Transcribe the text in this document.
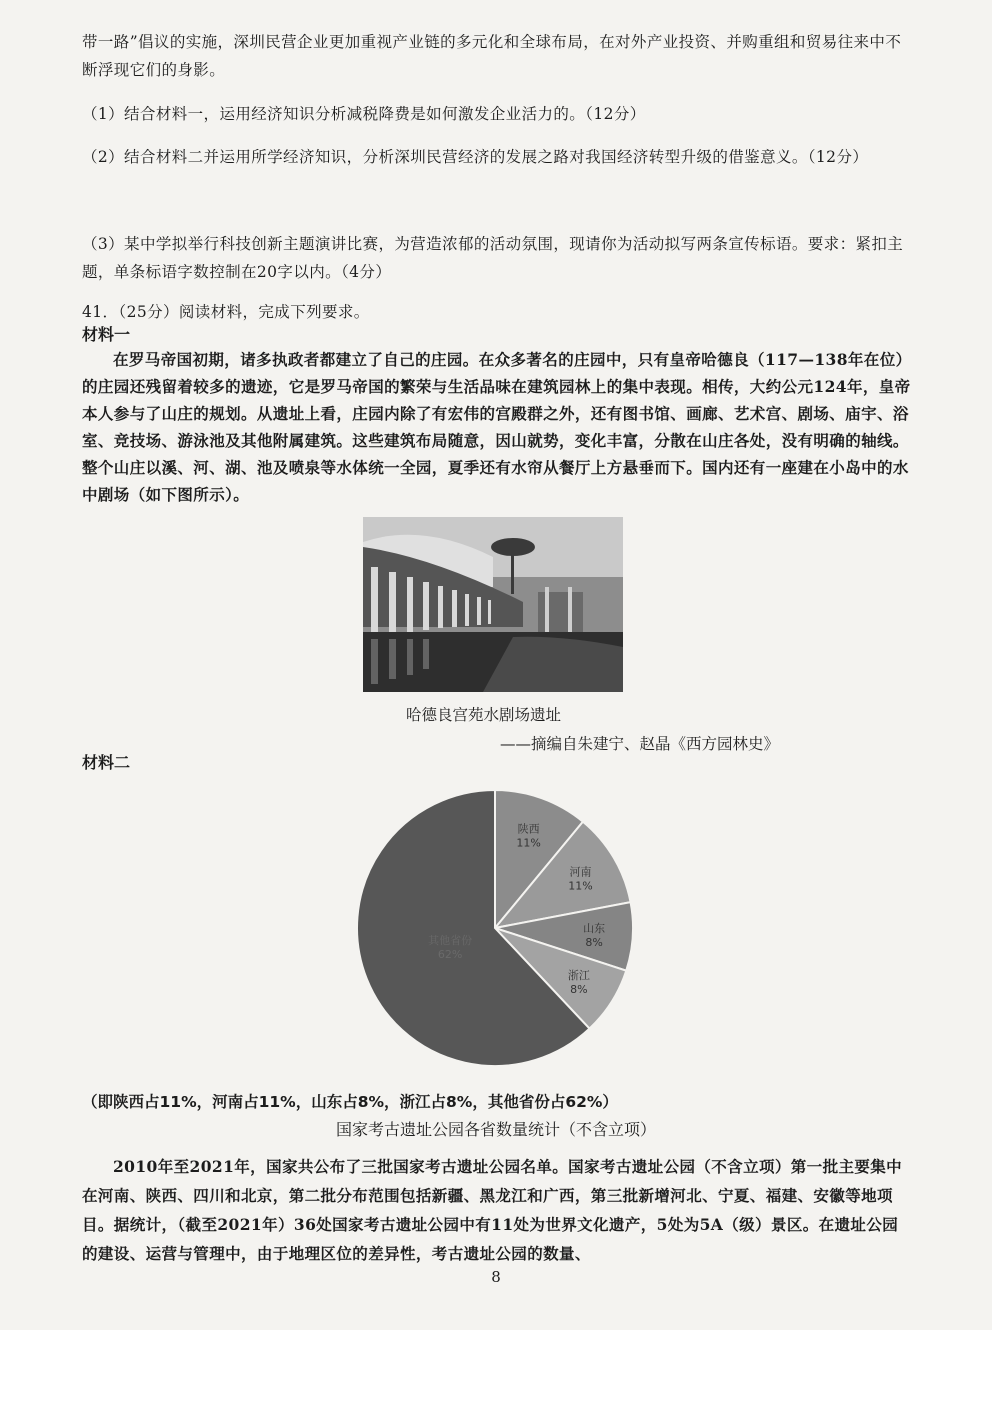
带一路”倡议的实施，深圳民营企业更加重视产业链的多元化和全球布局，在对外产业投资、并购重组和贸易往来中不断浮现它们的身影。

（1）结合材料一，运用经济知识分析减税降费是如何激发企业活力的。（12分）

（2）结合材料二并运用所学经济知识，分析深圳民营经济的发展之路对我国经济转型升级的借鉴意义。（12分）

（3）某中学拟举行科技创新主题演讲比赛，为营造浓郁的活动氛围，现请你为活动拟写两条宣传标语。要求：紧扣主题，单条标语字数控制在20字以内。（4分）

41．（25分）阅读材料，完成下列要求。

材料一

在罗马帝国初期，诸多执政者都建立了自己的庄园。在众多著名的庄园中，只有皇帝哈德良（117—138年在位）的庄园还残留着较多的遗迹，它是罗马帝国的繁荣与生活品味在建筑园林上的集中表现。相传，大约公元124年，皇帝本人参与了山庄的规划。从遗址上看，庄园内除了有宏伟的宫殿群之外，还有图书馆、画廊、艺术宫、剧场、庙宇、浴室、竞技场、游泳池及其他附属建筑。这些建筑布局随意，因山就势，变化丰富，分散在山庄各处，没有明确的轴线。整个山庄以溪、河、湖、池及喷泉等水体统一全园，夏季还有水帘从餐厅上方悬垂而下。国内还有一座建在小岛中的水中剧场（如下图所示）。

哈德良宫苑水剧场遗址

——摘编自朱建宁、赵晶《西方园林史》

材料二

陕西
11%
河南
11%
山东
8%
浙江
8%
其他省份
62%

（即陕西占11%，河南占11%，山东占8%，浙江占8%，其他省份占62%）

国家考古遗址公园各省数量统计（不含立项）

2010年至2021年，国家共公布了三批国家考古遗址公园名单。国家考古遗址公园（不含立项）第一批主要集中在河南、陕西、四川和北京，第二批分布范围包括新疆、黑龙江和广西，第三批新增河北、宁夏、福建、安徽等地项目。据统计，（截至2021年）36处国家考古遗址公园中有11处为世界文化遗产，5处为5A（级）景区。在遗址公园的建设、运营与管理中，由于地理区位的差异性，考古遗址公园的数量、

8
